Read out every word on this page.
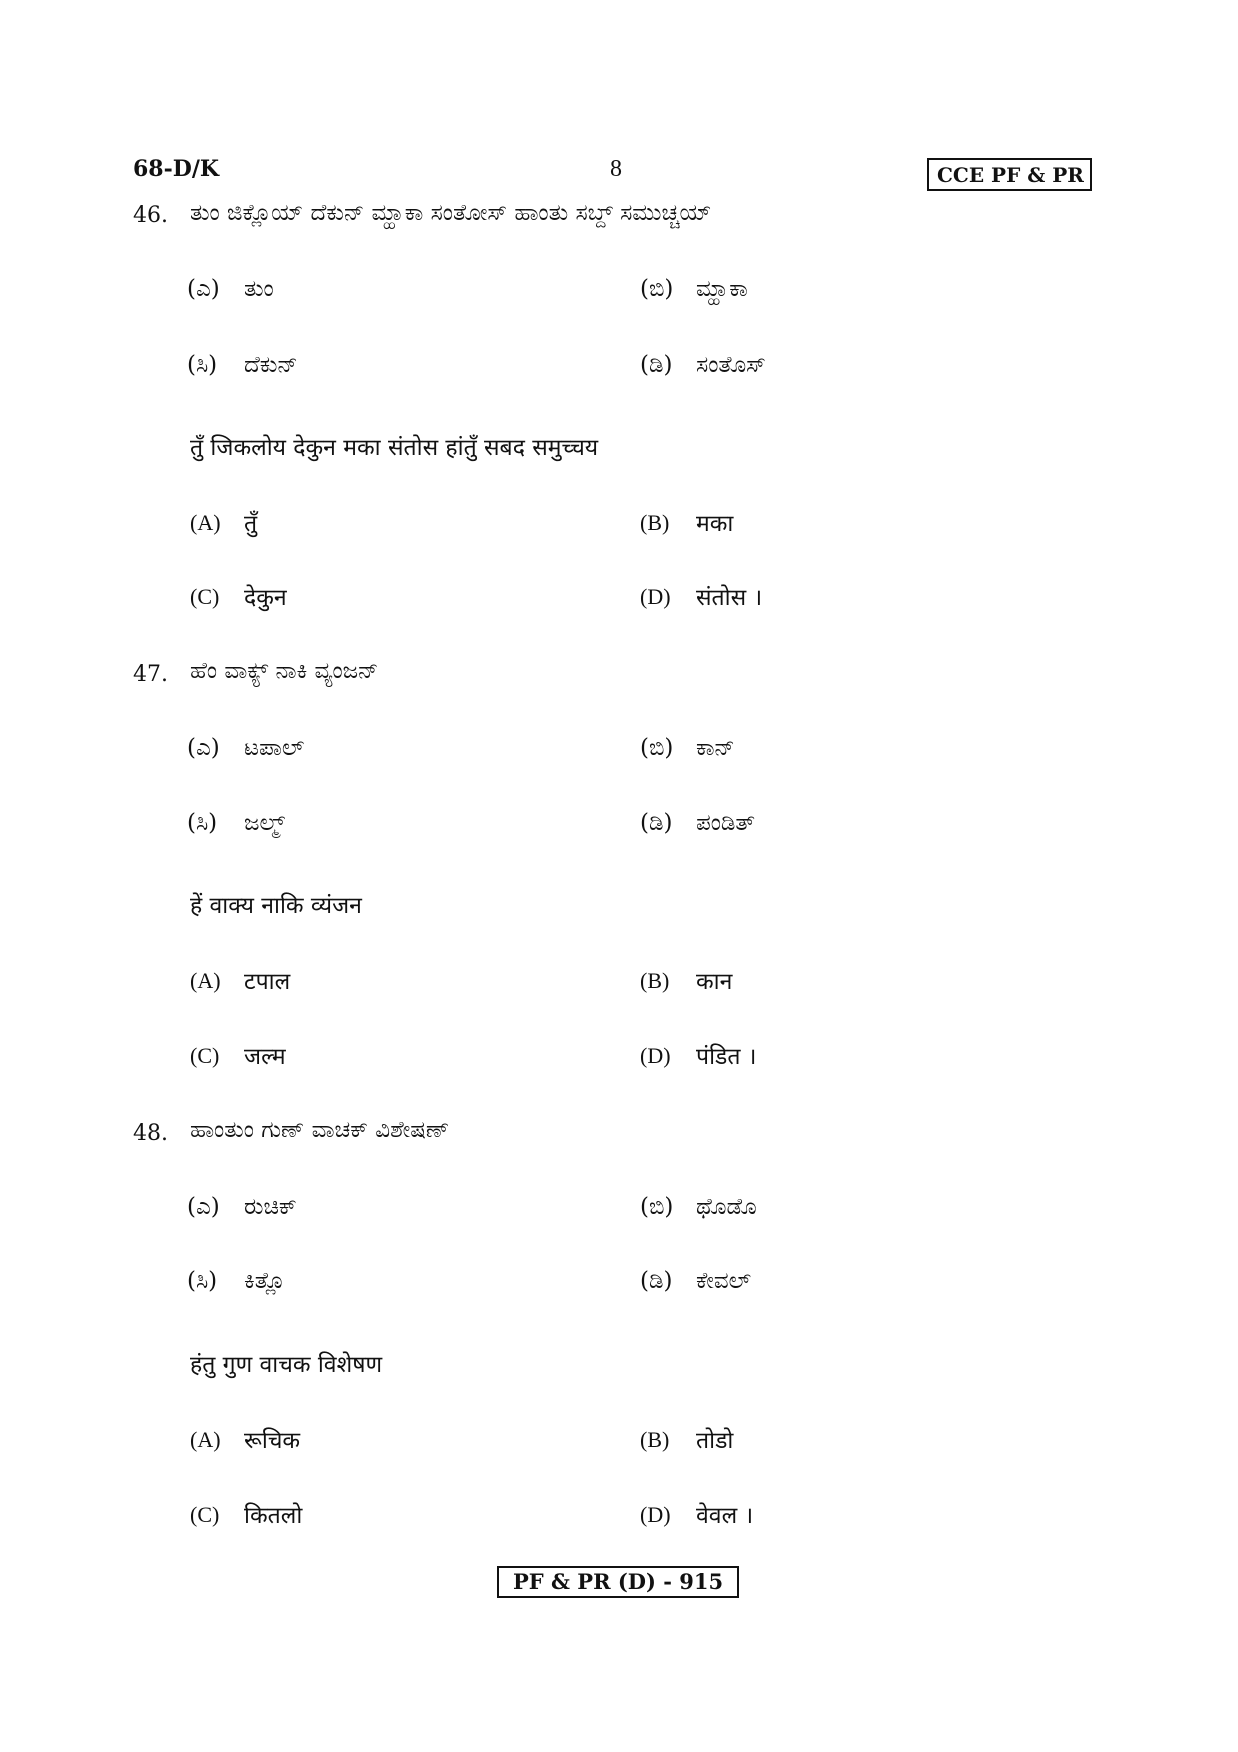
68-D/K	8	CCE PF & PR
46. ತುಂ ಜಿಕ್ಲೊಯ್ ದೆಕುನ್ ಮ್ಹಾಕಾ ಸಂತೋಸ್ ಹಾಂತು ಸಬ್ದ್ ಸಮುಚ್ಚಯ್
(ಎ) ತುಂ	(ಬಿ) ಮ್ಹಾಕಾ
(ಸಿ) ದೆಕುನ್	(ಡಿ) ಸಂತೊಸ್
तुँ जिकलोय देकुन मका संतोस हांतुँ सबद समुच्चय
(A) तुँ	(B) मका
(C) देकुन	(D) संतोस ।
47. ಹೆಂ ವಾಕ್ಯ್ ನಾಕಿ ವ್ಯಂಜನ್
(ಎ) ಟಪಾಲ್	(ಬಿ) ಕಾನ್
(ಸಿ) ಜಲ್ಮ್	(ಡಿ) ಪಂಡಿತ್
हें वाक्य नाकि व्यंजन
(A) टपाल	(B) कान
(C) जल्म	(D) पंडित ।
48. ಹಾಂತುಂ ಗುಣ್ ವಾಚಕ್ ವಿಶೇಷಣ್
(ಎ) ರುಚಿಕ್	(ಬಿ) ಥೊಡೊ
(ಸಿ) ಕಿತ್ಲೊ	(ಡಿ) ಕೇವಲ್
हंतु गुण वाचक विशेषण
(A) रूचिक	(B) तोडो
(C) कितलो	(D) वेवल ।
PF & PR (D) - 915
